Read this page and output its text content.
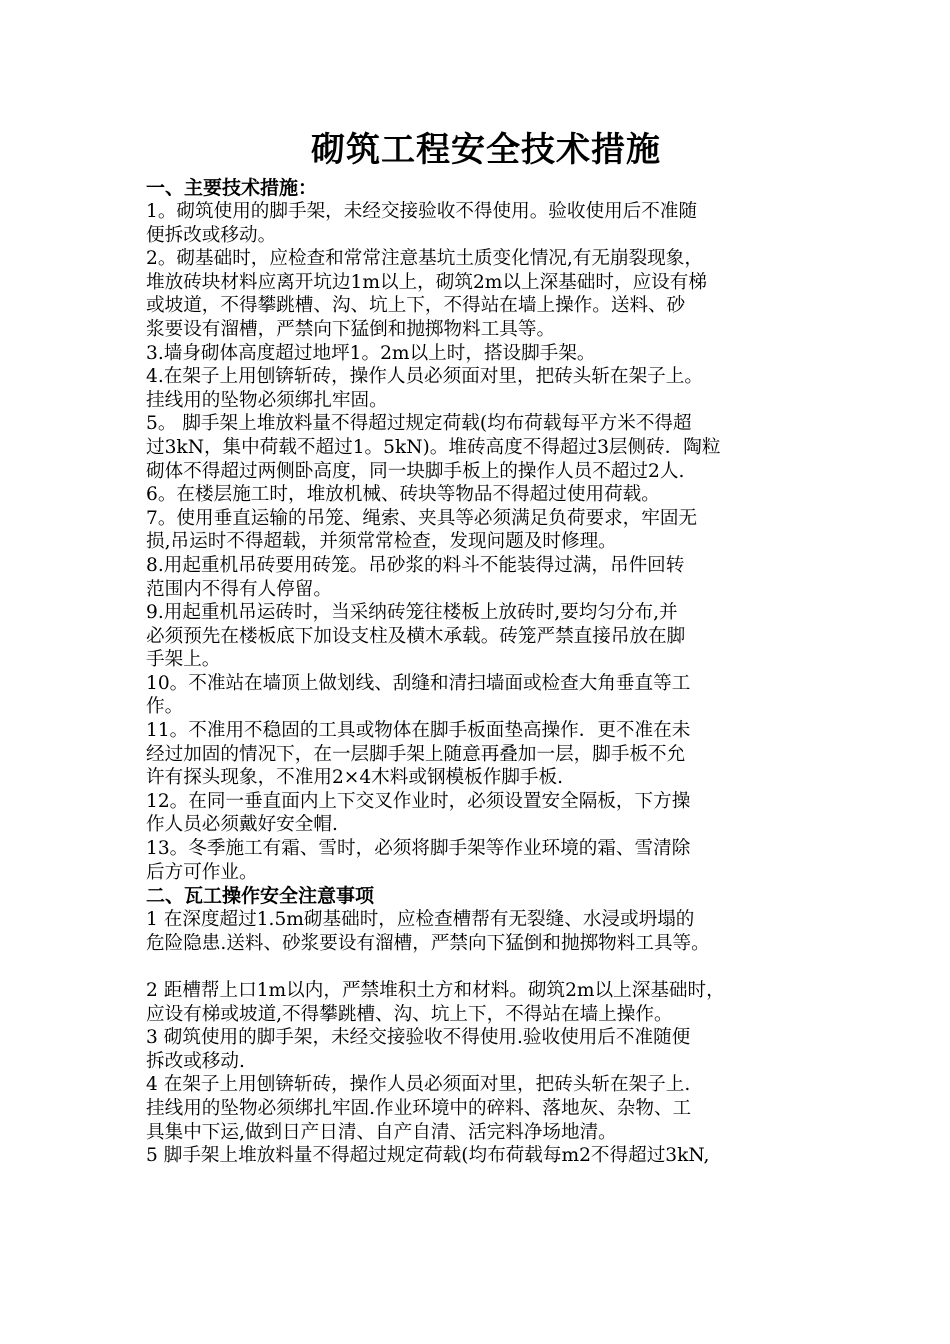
砌筑工程安全技术措施
一、主要技术措施：
1。砌筑使用的脚手架，未经交接验收不得使用。验收使用后不准随
便拆改或移动。
2。砌基础时，应检查和常常注意基坑土质变化情况,有无崩裂现象，
堆放砖块材料应离开坑边1m以上，砌筑2m以上深基础时，应设有梯
或坡道，不得攀跳槽、沟、坑上下，不得站在墙上操作。送料、砂
浆要设有溜槽，严禁向下猛倒和抛掷物料工具等。
3.墙身砌体高度超过地坪1。2m以上时，搭设脚手架。
4.在架子上用刨锛斩砖，操作人员必须面对里，把砖头斩在架子上。
挂线用的坠物必须绑扎牢固。
5。 脚手架上堆放料量不得超过规定荷载(均布荷载每平方米不得超
过3kN，集中荷载不超过1。5kN)。堆砖高度不得超过3层侧砖．陶粒
砌体不得超过两侧卧高度，同一块脚手板上的操作人员不超过2人.
6。在楼层施工时，堆放机械、砖块等物品不得超过使用荷载。
7。使用垂直运输的吊笼、绳索、夹具等必须满足负荷要求，牢固无
损,吊运时不得超载，并须常常检查，发现问题及时修理。
8.用起重机吊砖要用砖笼。吊砂浆的料斗不能装得过满，吊件回转
范围内不得有人停留。
9.用起重机吊运砖时，当采纳砖笼往楼板上放砖时,要均匀分布,并
必须预先在楼板底下加设支柱及横木承载。砖笼严禁直接吊放在脚
手架上。
10。不准站在墙顶上做划线、刮缝和清扫墙面或检查大角垂直等工
作。
11。不准用不稳固的工具或物体在脚手板面垫高操作．更不准在未
经过加固的情况下，在一层脚手架上随意再叠加一层，脚手板不允
许有探头现象，不准用2×4木料或钢模板作脚手板.
12。在同一垂直面内上下交叉作业时，必须设置安全隔板，下方操
作人员必须戴好安全帽.
13。冬季施工有霜、雪时，必须将脚手架等作业环境的霜、雪清除
后方可作业。
二、瓦工操作安全注意事项
1 在深度超过1.5m砌基础时，应检查槽帮有无裂缝、水浸或坍塌的
危险隐患.送料、砂浆要设有溜槽，严禁向下猛倒和抛掷物料工具等。
2 距槽帮上口1m以内，严禁堆积土方和材料。砌筑2m以上深基础时，
应设有梯或坡道,不得攀跳槽、沟、坑上下，不得站在墙上操作。
3 砌筑使用的脚手架，未经交接验收不得使用.验收使用后不准随便
拆改或移动.
4 在架子上用刨锛斩砖，操作人员必须面对里，把砖头斩在架子上.
挂线用的坠物必须绑扎牢固.作业环境中的碎料、落地灰、杂物、工
具集中下运,做到日产日清、自产自清、活完料净场地清。
5 脚手架上堆放料量不得超过规定荷载(均布荷载每m2不得超过3kN,
